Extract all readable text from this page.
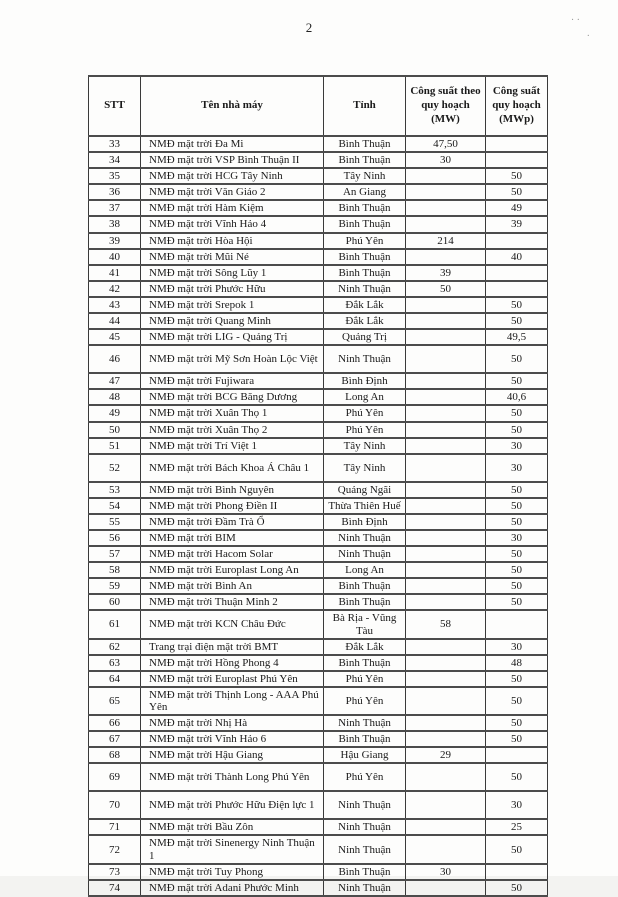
2	· ·
·
STT	Tên nhà máy	Tỉnh	Công suất theo quy hoạch (MW)	Công suất quy hoạch (MWp)
33	NMĐ mặt trời Đa Mi	Bình Thuận	47,50	
34	NMĐ mặt trời VSP Bình Thuận II	Bình Thuận	30	
35	NMĐ mặt trời HCG Tây Ninh	Tây Ninh		50
36	NMĐ mặt trời Văn Giáo 2	An Giang		50
37	NMĐ mặt trời Hàm Kiệm	Bình Thuận		49
38	NMĐ mặt trời Vĩnh Hảo 4	Bình Thuận		39
39	NMĐ mặt trời Hòa Hội	Phú Yên	214	
40	NMĐ mặt trời Mũi Né	Bình Thuận		40
41	NMĐ mặt trời Sông Lũy 1	Bình Thuận	39	
42	NMĐ mặt trời Phước Hữu	Ninh Thuận	50	
43	NMĐ mặt trời Srepok 1	Đắk Lắk		50
44	NMĐ mặt trời Quang Minh	Đắk Lắk		50
45	NMĐ mặt trời LIG - Quảng Trị	Quảng Trị		49,5
46	NMĐ mặt trời Mỹ Sơn Hoàn Lộc Việt	Ninh Thuận		50
47	NMĐ mặt trời Fujiwara	Bình Định		50
48	NMĐ mặt trời BCG Băng Dương	Long An		40,6
49	NMĐ mặt trời Xuân Thọ 1	Phú Yên		50
50	NMĐ mặt trời Xuân Thọ 2	Phú Yên		50
51	NMĐ mặt trời Trí Việt 1	Tây Ninh		30
52	NMĐ mặt trời Bách Khoa Á Châu 1	Tây Ninh		30
53	NMĐ mặt trời Bình Nguyên	Quảng Ngãi		50
54	NMĐ mặt trời Phong Điền II	Thừa Thiên Huế		50
55	NMĐ mặt trời Đầm Trà Ổ	Bình Định		50
56	NMĐ mặt trời BIM	Ninh Thuận		30
57	NMĐ mặt trời Hacom Solar	Ninh Thuận		50
58	NMĐ mặt trời Europlast Long An	Long An		50
59	NMĐ mặt trời Bình An	Bình Thuận		50
60	NMĐ mặt trời Thuận Minh 2	Bình Thuận		50
61	NMĐ mặt trời KCN Châu Đức	Bà Rịa - Vũng Tàu	58	
62	Trang trại điện mặt trời BMT	Đắk Lắk		30
63	NMĐ mặt trời Hồng Phong 4	Bình Thuận		48
64	NMĐ mặt trời Europlast Phú Yên	Phú Yên		50
65	NMĐ mặt trời Thịnh Long - AAA Phú Yên	Phú Yên		50
66	NMĐ mặt trời Nhị Hà	Ninh Thuận		50
67	NMĐ mặt trời Vĩnh Hảo 6	Bình Thuận		50
68	NMĐ mặt trời Hậu Giang	Hậu Giang	29	
69	NMĐ mặt trời Thành Long Phú Yên	Phú Yên		50
70	NMĐ mặt trời Phước Hữu Điện lực 1	Ninh Thuận		30
71	NMĐ mặt trời Bầu Zôn	Ninh Thuận		25
72	NMĐ mặt trời Sinenergy Ninh Thuận 1	Ninh Thuận		50
73	NMĐ mặt trời Tuy Phong	Bình Thuận	30	
74	NMĐ mặt trời Adani Phước Minh	Ninh Thuận		50
